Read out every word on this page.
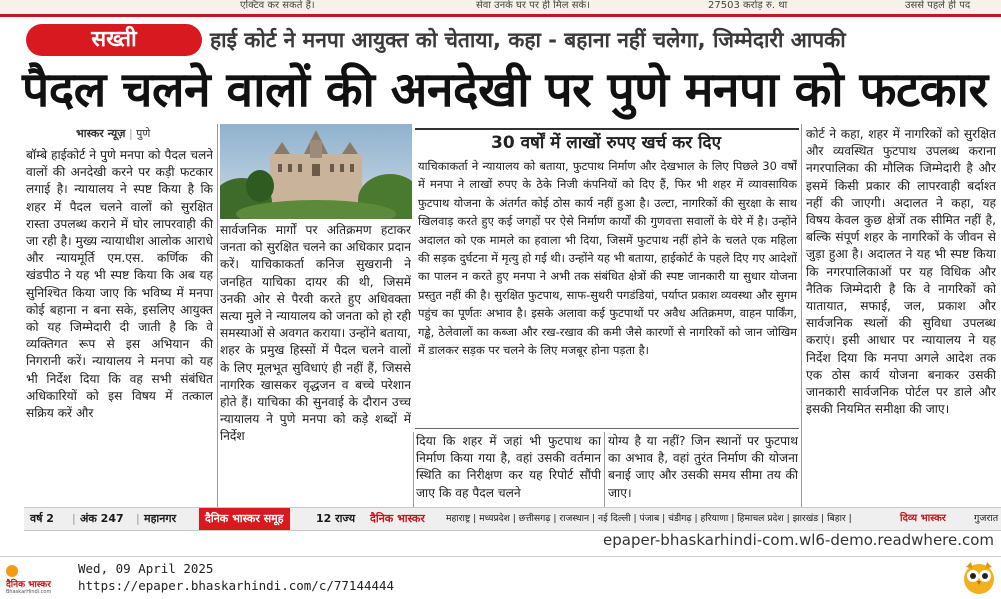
एक्टिव कर सकते हैं।	सेवा उनके घर पर ही मिल सके।	27503 करोड़ रु. था	उससे पहले ही पद
सख्ती	हाई कोर्ट ने मनपा आयुक्त को चेताया, कहा - बहाना नहीं चलेगा, जिम्मेदारी आपकी
पैदल चलने वालों की अनदेखी पर पुणे मनपा को फटकार
भास्कर न्यूज़ | पुणे
बॉम्बे हाईकोर्ट ने पुणे मनपा को पैदल चलने वालों की अनदेखी करने पर कड़ी फटकार लगाई है। न्यायालय ने स्पष्ट किया है कि शहर में पैदल चलने वालों को सुरक्षित रास्ता उपलब्ध कराने में घोर लापरवाही की जा रही है। मुख्य न्यायाधीश आलोक आराधे और न्यायमूर्ति एम.एस. कर्णिक की खंडपीठ ने यह भी स्पष्ट किया कि अब यह सुनिश्चित किया जाए कि भविष्य में मनपा कोई बहाना न बना सके, इसलिए आयुक्त को यह जिम्मेदारी दी जाती है कि वे व्यक्तिगत रूप से इस अभियान की निगरानी करें। न्यायालय ने मनपा को यह भी निर्देश दिया कि वह सभी संबंधित अधिकारियों को इस विषय में तत्काल सक्रिय करें और
सार्वजनिक मार्गों पर अतिक्रमण हटाकर जनता को सुरक्षित चलने का अधिकार प्रदान करें। याचिकाकर्ता कनिज सुखरानी ने जनहित याचिका दायर की थी, जिसमें उनकी ओर से पैरवी करते हुए अधिवक्ता सत्या मुले ने न्यायालय को जनता को हो रही समस्याओं से अवगत कराया। उन्होंने बताया, शहर के प्रमुख हिस्सों में पैदल चलने वालों के लिए मूलभूत सुविधाएं ही नहीं हैं, जिससे नागरिक खासकर वृद्धजन व बच्चे परेशान होते हैं। याचिका की सुनवाई के दौरान उच्च न्यायालय ने पुणे मनपा को कड़े शब्दों में निर्देश
30 वर्षों में लाखों रुपए खर्च कर दिए
याचिकाकर्ता ने न्यायालय को बताया, फुटपाथ निर्माण और देखभाल के लिए पिछले 30 वर्षों में मनपा ने लाखों रुपए के ठेके निजी कंपनियों को दिए हैं, फिर भी शहर में व्यावसायिक फुटपाथ योजना के अंतर्गत कोई ठोस कार्य नहीं हुआ है। उल्टा, नागरिकों की सुरक्षा के साथ खिलवाड़ करते हुए कई जगहों पर ऐसे निर्माण कार्यों की गुणवत्ता सवालों के घेरे में है। उन्होंने अदालत को एक मामले का हवाला भी दिया, जिसमें फुटपाथ नहीं होने के चलते एक महिला की सड़क दुर्घटना में मृत्यु हो गई थी। उन्होंने यह भी बताया, हाईकोर्ट के पहले दिए गए आदेशों का पालन न करते हुए मनपा ने अभी तक संबंधित क्षेत्रों की स्पष्ट जानकारी या सुधार योजना प्रस्तुत नहीं की है। सुरक्षित फुटपाथ, साफ-सुथरी पगडंडियां, पर्याप्त प्रकाश व्यवस्था और सुगम पहुंच का पूर्णतः अभाव है। इसके अलावा कई फुटपाथों पर अवैध अतिक्रमण, वाहन पार्किंग, गड्ढे, ठेलेवालों का कब्जा और रख-रखाव की कमी जैसे कारणों से नागरिकों को जान जोखिम में डालकर सड़क पर चलने के लिए मजबूर होना पड़ता है।
दिया कि शहर में जहां भी फुटपाथ का निर्माण किया गया है, वहां उसकी वर्तमान स्थिति का निरीक्षण कर यह रिपोर्ट सौंपी जाए कि वह पैदल चलने
योग्य है या नहीं? जिन स्थानों पर फुटपाथ का अभाव है, वहां तुरंत निर्माण की योजना बनाई जाए और उसकी समय सीमा तय की जाए।
कोर्ट ने कहा, शहर में नागरिकों को सुरक्षित और व्यवस्थित फुटपाथ उपलब्ध कराना नगरपालिका की मौलिक जिम्मेदारी है और इसमें किसी प्रकार की लापरवाही बर्दाश्त नहीं की जाएगी। अदालत ने कहा, यह विषय केवल कुछ क्षेत्रों तक सीमित नहीं है, बल्कि संपूर्ण शहर के नागरिकों के जीवन से जुड़ा हुआ है। अदालत ने यह भी स्पष्ट किया कि नगरपालिकाओं पर यह विधिक और नैतिक जिम्मेदारी है कि वे नागरिकों को यातायात, सफाई, जल, प्रकाश और सार्वजनिक स्थलों की सुविधा उपलब्ध कराएं। इसी आधार पर न्यायालय ने यह निर्देश दिया कि मनपा अगले आदेश तक एक ठोस कार्य योजना बनाकर उसकी जानकारी सार्वजनिक पोर्टल पर डाले और इसकी नियमित समीक्षा की जाए।
वर्ष 2 | अंक 247 | महानगर	दैनिक भास्कर समूह	12 राज्य दैनिक भास्कर महाराष्ट्र | मध्यप्रदेश | छत्तीसगढ़ | राजस्थान | नई दिल्ली | पंजाब | चंडीगढ़ | हरियाणा | हिमाचल प्रदेश | झारखंड | बिहार |	दिव्य भास्कर	गुजरात
epaper-bhaskarhindi-com.wl6-demo.readwhere.com
दैनिक भास्कर
BhaskarHindi.com
Wed, 09 April 2025
https://epaper.bhaskarhindi.com/c/77144444
